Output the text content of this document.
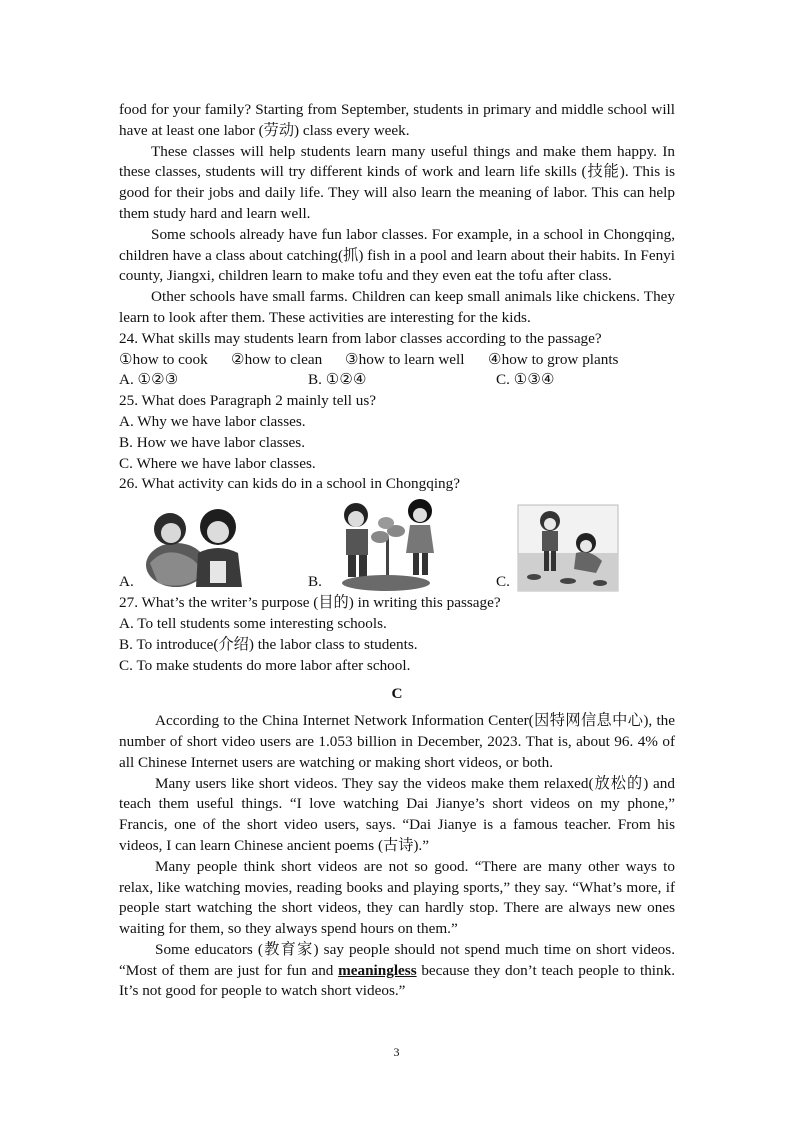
food for your family? Starting from September, students in primary and middle school will have at least one labor (劳动) class every week.

These classes will help students learn many useful things and make them happy. In these classes, students will try different kinds of work and learn life skills (技能). This is good for their jobs and daily life. They will also learn the meaning of labor. This can help them study hard and learn well.

Some schools already have fun labor classes. For example, in a school in Chongqing, children have a class about catching(抓) fish in a pool and learn about their habits. In Fenyi county, Jiangxi, children learn to make tofu and they even eat the tofu after class.

Other schools have small farms. Children can keep small animals like chickens. They learn to look after them. These activities are interesting for the kids.

24. What skills may students learn from labor classes according to the passage?

①how to cook	②how to clean	③how to learn well	④how to grow plants
A. ①②③	B. ①②④	C. ①③④

25. What does Paragraph 2 mainly tell us?

A. Why we have labor classes.

B. How we have labor classes.

C. Where we have labor classes.

26. What activity can kids do in a school in Chongqing?

A.	B.	C.

27. What’s the writer’s purpose (目的) in writing this passage?

A. To tell students some interesting schools.

B. To introduce(介绍) the labor class to students.

C. To make students do more labor after school.

C

According to the China Internet Network Information Center(因特网信息中心), the number of short video users are 1.053 billion in December, 2023. That is, about 96. 4% of all Chinese Internet users are watching or making short videos, or both.

Many users like short videos. They say the videos make them relaxed(放松的) and teach them useful things. “I love watching Dai Jianye’s short videos on my phone,” Francis, one of the short video users, says. “Dai Jianye is a famous teacher. From his videos, I can learn Chinese ancient poems (古诗).”

Many people think short videos are not so good. “There are many other ways to relax, like watching movies, reading books and playing sports,” they say. “What’s more, if people start watching the short videos, they can hardly stop. There are always new ones waiting for them, so they always spend hours on them.”

Some educators (教育家) say people should not spend much time on short videos. “Most of them are just for fun and meaningless because they don’t teach people to think. It’s not good for people to watch short videos.”

3
